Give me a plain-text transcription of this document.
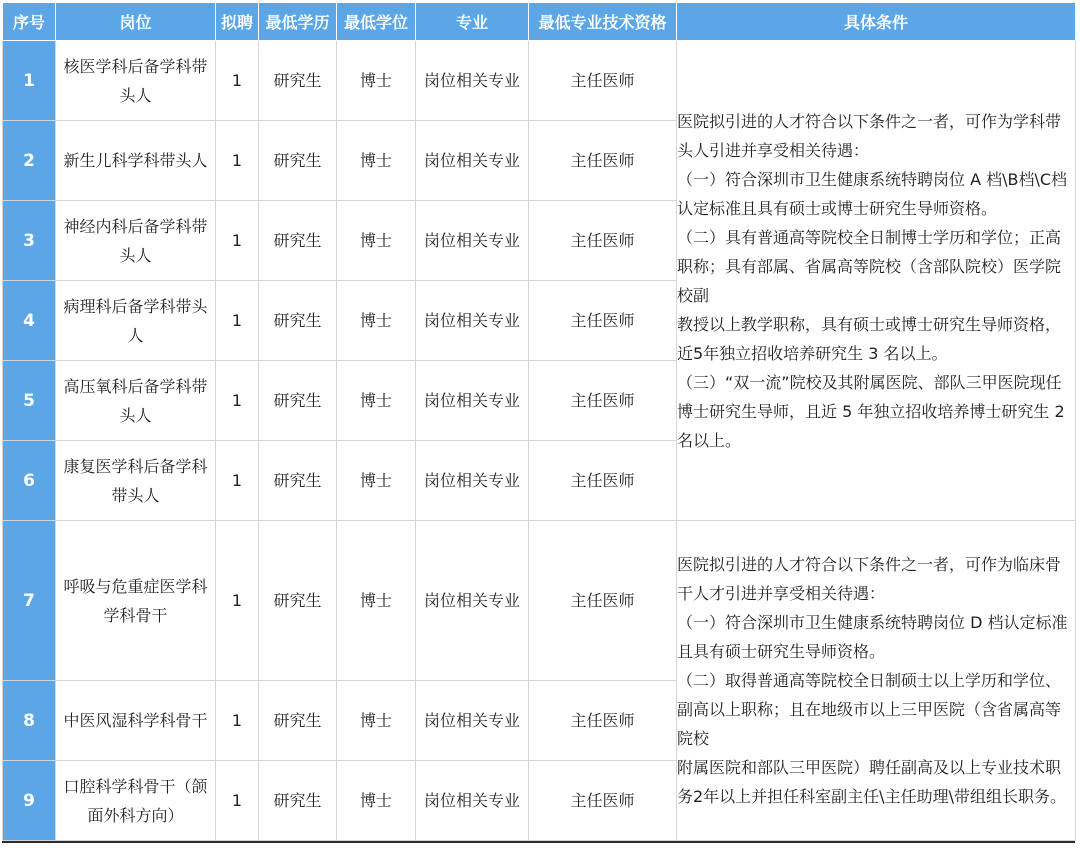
序号	岗位	拟聘	最低学历	最低学位	专业	最低专业技术资格	具体条件
1	核医学科后备学科带头人	1	研究生	博士	岗位相关专业	主任医师	医院拟引进的人才符合以下条件之一者，可作为学科带头人引进并享受相关待遇：
（一）符合深圳市卫生健康系统特聘岗位 A 档\B档\C档认定标准且具有硕士或博士研究生导师资格。
（二）具有普通高等院校全日制博士学历和学位；正高职称；具有部属、省属高等院校（含部队院校）医学院校副
教授以上教学职称，具有硕士或博士研究生导师资格，近5年独立招收培养研究生 3 名以上。
（三）“双一流”院校及其附属医院、部队三甲医院现任博士研究生导师，且近 5 年独立招收培养博士研究生 2 名以上。

2	新生儿科学科带头人	1	研究生	博士	岗位相关专业	主任医师	
3	神经内科后备学科带头人	1	研究生	博士	岗位相关专业	主任医师	
4	病理科后备学科带头人	1	研究生	博士	岗位相关专业	主任医师	
5	高压氧科后备学科带头人	1	研究生	博士	岗位相关专业	主任医师	
6	康复医学科后备学科带头人	1	研究生	博士	岗位相关专业	主任医师	
7	呼吸与危重症医学科学科骨干	1	研究生	博士	岗位相关专业	主任医师	医院拟引进的人才符合以下条件之一者，可作为临床骨干人才引进并享受相关待遇：
（一）符合深圳市卫生健康系统特聘岗位 D 档认定标准且具有硕士研究生导师资格。
（二）取得普通高等院校全日制硕士以上学历和学位、副高以上职称；且在地级市以上三甲医院（含省属高等院校
附属医院和部队三甲医院）聘任副高及以上专业技术职务2年以上并担任科室副主任\主任助理\带组组长职务。

8	中医风湿科学科骨干	1	研究生	博士	岗位相关专业	主任医师	
9	口腔科学科骨干（颌面外科方向）	1	研究生	博士	岗位相关专业	主任医师	
